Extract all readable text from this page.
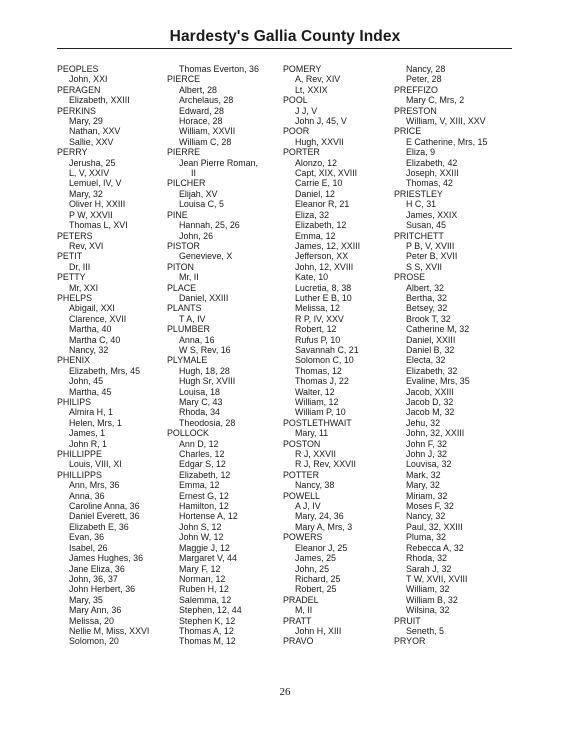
Hardesty's Gallia County Index
PEOPLES
John, XXI
PERAGEN
Elizabeth, XXIII
PERKINS
Mary, 29
Nathan, XXV
Sallie, XXV
PERRY
Jerusha, 25
L, V, XXIV
Lemuel, IV, V
Mary, 32
Oliver H, XXIII
P W, XXVII
Thomas L, XVI
PETERS
Rev, XVI
PETIT
Dr, III
PETTY
Mr, XXI
PHELPS
Abigail, XXI
Clarence, XVII
Martha, 40
Martha C, 40
Nancy, 32
PHENIX
Elizabeth, Mrs, 45
John, 45
Martha, 45
PHILIPS
Almira H, 1
Helen, Mrs, 1
James, 1
John R, 1
PHILLIPPE
Louis, VIII, XI
PHILLIPPS
Ann, Mrs, 36
Anna, 36
Caroline Anna, 36
Daniel Everett, 36
Elizabeth E, 36
Evan, 36
Isabel, 26
James Hughes, 36
Jane Eliza, 36
John, 36, 37
John Herbert, 36
Mary, 35
Mary Ann, 36
Melissa, 20
Nellie M, Miss, XXVI
Solomon, 20
Thomas Everton, 36
PIERCE
Albert, 28
Archelaus, 28
Edward, 28
Horace, 28
William, XXVII
William C, 28
PIERRE
Jean Pierre Roman,
II
PILCHER
Elijah, XV
Louisa C, 5
PINE
Hannah, 25, 26
John, 26
PISTOR
Genevieve, X
PITON
Mr, II
PLACE
Daniel, XXIII
PLANTS
T A, IV
PLUMBER
Anna, 16
W S, Rev, 16
PLYMALE
Hugh, 18, 28
Hugh Sr, XVIII
Louisa, 18
Mary C, 43
Rhoda, 34
Theodosia, 28
POLLOCK
Ann D, 12
Charles, 12
Edgar S, 12
Elizabeth, 12
Emma, 12
Ernest G, 12
Hamilton, 12
Hortense A, 12
John S, 12
John W, 12
Maggie J, 12
Margaret V, 44
Mary F, 12
Norman, 12
Ruben H, 12
Salemma, 12
Stephen, 12, 44
Stephen K, 12
Thomas A, 12
Thomas M, 12
POMERY
A, Rev, XIV
Lt, XXIX
POOL
J J, V
John J, 45, V
POOR
Hugh, XXVII
PORTER
Alonzo, 12
Capt, XIX, XVIII
Carrie E, 10
Daniel, 12
Eleanor R, 21
Eliza, 32
Elizabeth, 12
Emma, 12
James, 12, XXIII
Jefferson, XX
John, 12, XVIII
Kate, 10
Lucretia, 8, 38
Luther E B, 10
Melissa, 12
R P, IV, XXV
Robert, 12
Rufus P, 10
Savannah C, 21
Solomon C, 10
Thomas, 12
Thomas J, 22
Walter, 12
William, 12
William P, 10
POSTLETHWAIT
Mary, 11
POSTON
R J, XXVII
R J, Rev, XXVII
POTTER
Nancy, 38
POWELL
A J, IV
Mary, 24, 36
Mary A, Mrs, 3
POWERS
Eleanor J, 25
James, 25
John, 25
Richard, 25
Robert, 25
PRADEL
M, II
PRATT
John H, XIII
PRAVO
Nancy, 28
Peter, 28
PREFFIZO
Mary C, Mrs, 2
PRESTON
William, V, XIII, XXV
PRICE
E Catherine, Mrs, 15
Eliza, 9
Elizabeth, 42
Joseph, XXIII
Thomas, 42
PRIESTLEY
H C, 31
James, XXIX
Susan, 45
PRITCHETT
P B, V, XVIII
Peter B, XVII
S S, XVII
PROSE
Albert, 32
Bertha, 32
Betsey, 32
Brook T, 32
Catherine M, 32
Daniel, XXIII
Daniel B, 32
Electa, 32
Elizabeth, 32
Evaline, Mrs, 35
Jacob, XXIII
Jacob D, 32
Jacob M, 32
Jehu, 32
John, 32, XXIII
John F, 32
John J, 32
Louvisa, 32
Mark, 32
Mary, 32
Miriam, 32
Moses F, 32
Nancy, 32
Paul, 32, XXIII
Pluma, 32
Rebecca A, 32
Rhoda, 32
Sarah J, 32
T W, XVII, XVIII
William, 32
William B, 32
Wilsina, 32
PRUIT
Seneth, 5
PRYOR
26
